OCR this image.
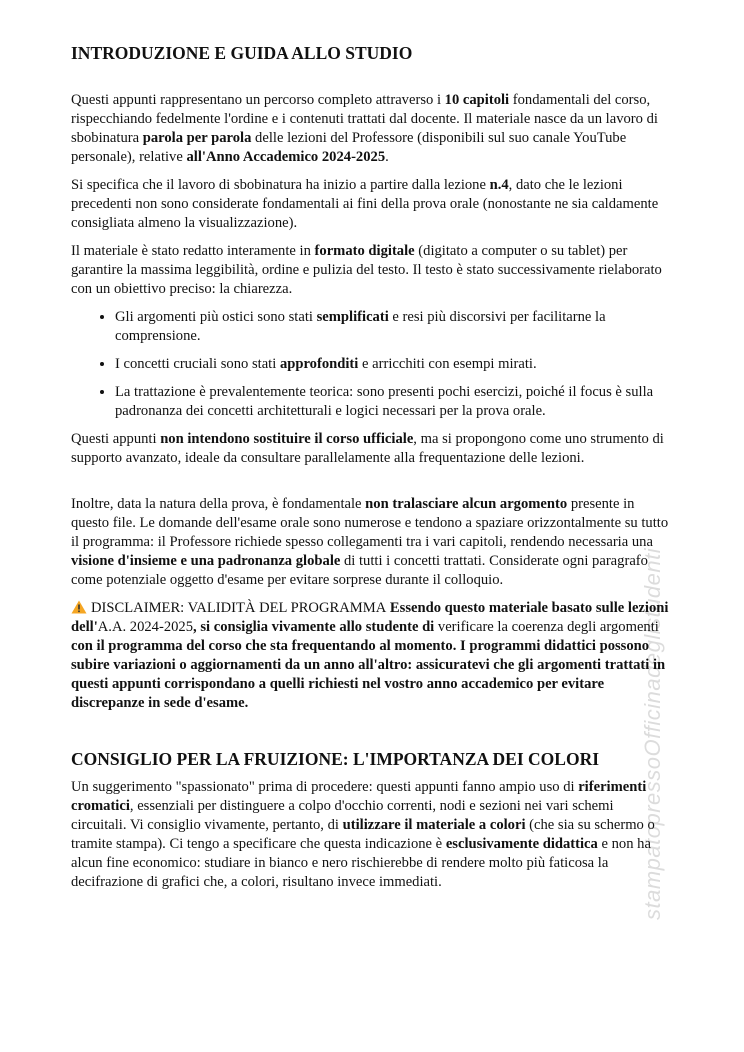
stampatopressoOfficinadeglistudenti
INTRODUZIONE E GUIDA ALLO STUDIO

Questi appunti rappresentano un percorso completo attraverso i 10 capitoli fondamentali del corso, rispecchiando fedelmente l'ordine e i contenuti trattati dal docente. Il materiale nasce da un lavoro di sbobinatura parola per parola delle lezioni del Professore (disponibili sul suo canale YouTube personale), relative all'Anno Accademico 2024-2025.

Si specifica che il lavoro di sbobinatura ha inizio a partire dalla lezione n.4, dato che le lezioni precedenti non sono considerate fondamentali ai fini della prova orale (nonostante ne sia caldamente consigliata almeno la visualizzazione).

Il materiale è stato redatto interamente in formato digitale (digitato a computer o su tablet) per garantire la massima leggibilità, ordine e pulizia del testo. Il testo è stato successivamente rielaborato con un obiettivo preciso: la chiarezza.

• Gli argomenti più ostici sono stati semplificati e resi più discorsivi per facilitarne la comprensione.
• I concetti cruciali sono stati approfonditi e arricchiti con esempi mirati.
• La trattazione è prevalentemente teorica: sono presenti pochi esercizi, poiché il focus è sulla padronanza dei concetti architetturali e logici necessari per la prova orale.

Questi appunti non intendono sostituire il corso ufficiale, ma si propongono come uno strumento di supporto avanzato, ideale da consultare parallelamente alla frequentazione delle lezioni.

Inoltre, data la natura della prova, è fondamentale non tralasciare alcun argomento presente in questo file. Le domande dell'esame orale sono numerose e tendono a spaziare orizzontalmente su tutto il programma: il Professore richiede spesso collegamenti tra i vari capitoli, rendendo necessaria una visione d'insieme e una padronanza globale di tutti i concetti trattati. Considerate ogni paragrafo come potenziale oggetto d'esame per evitare sorprese durante il colloquio.

DISCLAIMER: VALIDITÀ DEL PROGRAMMA Essendo questo materiale basato sulle lezioni dell'A.A. 2024-2025, si consiglia vivamente allo studente di verificare la coerenza degli argomenti con il programma del corso che sta frequentando al momento. I programmi didattici possono subire variazioni o aggiornamenti da un anno all'altro: assicuratevi che gli argomenti trattati in questi appunti corrispondano a quelli richiesti nel vostro anno accademico per evitare discrepanze in sede d'esame.

CONSIGLIO PER LA FRUIZIONE: L'IMPORTANZA DEI COLORI

Un suggerimento "spassionato" prima di procedere: questi appunti fanno ampio uso di riferimenti cromatici, essenziali per distinguere a colpo d'occhio correnti, nodi e sezioni nei vari schemi circuitali. Vi consiglio vivamente, pertanto, di utilizzare il materiale a colori (che sia su schermo o tramite stampa). Ci tengo a specificare che questa indicazione è esclusivamente didattica e non ha alcun fine economico: studiare in bianco e nero rischierebbe di rendere molto più faticosa la decifrazione di grafici che, a colori, risultano invece immediati.
